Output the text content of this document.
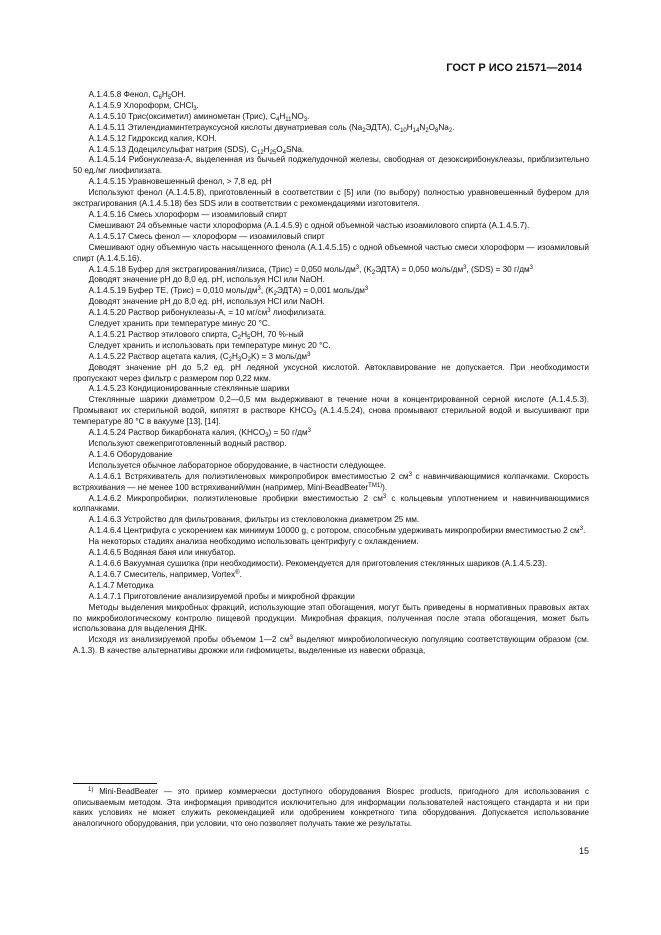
ГОСТ Р ИСО 21571—2014

А.1.4.5.8 Фенол, $C_6H_5OH$.

А.1.4.5.9 Хлороформ, CHCl$_3$.

А.1.4.5.10 Трис(оксиметил) аминометан (Трис), $C_4H_{11}NO_3$.

А.1.4.5.11 Этилендиаминтетрауксусной кислоты двунатриевая соль $(Na_2ЭДТА)$, $C_{10}H_{14}N_2O_8Na_2$.

А.1.4.5.12 Гидроксид калия, KOH.

А.1.4.5.13 Додецилсульфат натрия (SDS), $C_{12}H_{25}O_4SNa$.

А.1.4.5.14 Рибонуклеаза-А, выделенная из бычьей поджелудочной железы, свободная от дезоксирибонуклеазы, приблизительно 50 ед./мг лиофилизата.

А.1.4.5.15 Уравновешенный фенол, > 7,8 ед. рН

Используют фенол (А.1.4.5.8), приготовленный в соответствии с [5] или (по выбору) полностью уравновешенный буфером для экстрагирования (А.1.4.5.18) без SDS или в соответствии с рекомендациями изготовителя.

А.1.4.5.16 Смесь хлороформ — изоамиловый спирт

Смешивают 24 объемные части хлороформа (А.1.4.5.9) с одной объемной частью изоамилового спирта (А.1.4.5.7).

А.1.4.5.17 Смесь фенол — хлороформ — изоамиловый спирт

Смешивают одну объемную часть насыщенного фенола (А.1.4.5.15) с одной объемной частью смеси хлороформ — изоамиловый спирт (А.1.4.5.16).

А.1.4.5.18 Буфер для экстрагирования/лизиса, (Трис) = 0,050 моль/$дм^3$, $(K_2ЭДТА) = 0,050$ моль/$дм^3$, (SDS) = 30 $г/дм^3$

Доводят значение рН до 8,0 ед. рН, используя HCl или NaOH.

А.1.4.5.19 Буфер ТЕ, (Трис) = 0,010 моль/$дм^3$, $(K_2ЭДТА) = 0,001$ моль/$дм^3$

Доводят значение рН до 8,0 ед. рН, используя HCl или NaOH.

А.1.4.5.20 Раствор рибонуклеазы-А, = 10 $мг/см^3$ лиофилизата.

Следует хранить при температуре минус 20 °С.

А.1.4.5.21 Раствор этилового спирта, $C_2H_5OH$, 70 %-ный

Следует хранить и использовать при температуре минус 20 °С.

А.1.4.5.22 Раствор ацетата калия, $(C_2H_3O_2K) = 3$ моль/$дм^3$

Доводят значение рН до 5,2 ед. рН ледяной уксусной кислотой. Автоклавирование не допускается. При необходимости пропускают через фильтр с размером пор 0,22 мкм.

А.1.4.5.23 Кондиционированные стеклянные шарики

Стеклянные шарики диаметром 0,2—0,5 мм выдерживают в течение ночи в концентрированной серной кислоте (А.1.4.5.3). Промывают их стерильной водой, кипятят в растворе $KHCO_3$ (А.1.4.5.24), снова промывают стерильной водой и высушивают при температуре 80 °С в вакууме [13], [14].

А.1.4.5.24 Раствор бикарбоната калия, $(KHCO_3) = 50$ $г/дм^3$

Используют свежеприготовленный водный раствор.

А.1.4.6 Оборудование

Используется обычное лабораторное оборудование, в частности следующее.

А.1.4.6.1 Встряхиватель для полиэтиленовых микропробирок вместимостью 2 $см^3$ с навинчивающимися колпачками. Скорость встряхивания — не менее 100 встряхиваний/мин (например, Mini-BeadBeater$^{TM1)}$).

А.1.4.6.2 Микропробирки, полиэтиленовые пробирки вместимостью 2 $см^3$ с кольцевым уплотнением и навинчивающимися колпачками.

А.1.4.6.3 Устройство для фильтрования, фильтры из стекловолокна диаметром 25 мм.

А.1.4.6.4 Центрифуга с ускорением как минимум 10000 g, с ротором, способным удерживать микропробирки вместимостью 2 $см^3$.

На некоторых стадиях анализа необходимо использовать центрифугу с охлаждением.

А.1.4.6.5 Водяная баня или инкубатор.

А.1.4.6.6 Вакуумная сушилка (при необходимости). Рекомендуется для приготовления стеклянных шариков (А.1.4.5.23).

А.1.4.6.7 Смеситель, например, Vortex®.

А.1.4.7 Методика

А.1.4.7.1 Приготовление анализируемой пробы и микробной фракции

Методы выделения микробных фракций, использующие этап обогащения, могут быть приведены в нормативных правовых актах по микробиологическому контролю пищевой продукции. Микробная фракция, полученная после этапа обогащения, может быть использована для выделения ДНК.

Исходя из анализируемой пробы объемом 1—2 $см^3$ выделяют микробиологическую популяцию соответствующим образом (см. А.1.3). В качестве альтернативы дрожжи или гифомицеты, выделенные из навески образца,

$^{1)}$ Mini-BeadBeater — это пример коммерчески доступного оборудования Biospec products, пригодного для использования с описываемым методом. Эта информация приводится исключительно для информации пользователей настоящего стандарта и ни при каких условиях не может служить рекомендацией или одобрением конкретного типа оборудования. Допускается использование аналогичного оборудования, при условии, что оно позволяет получать такие же результаты.

15
